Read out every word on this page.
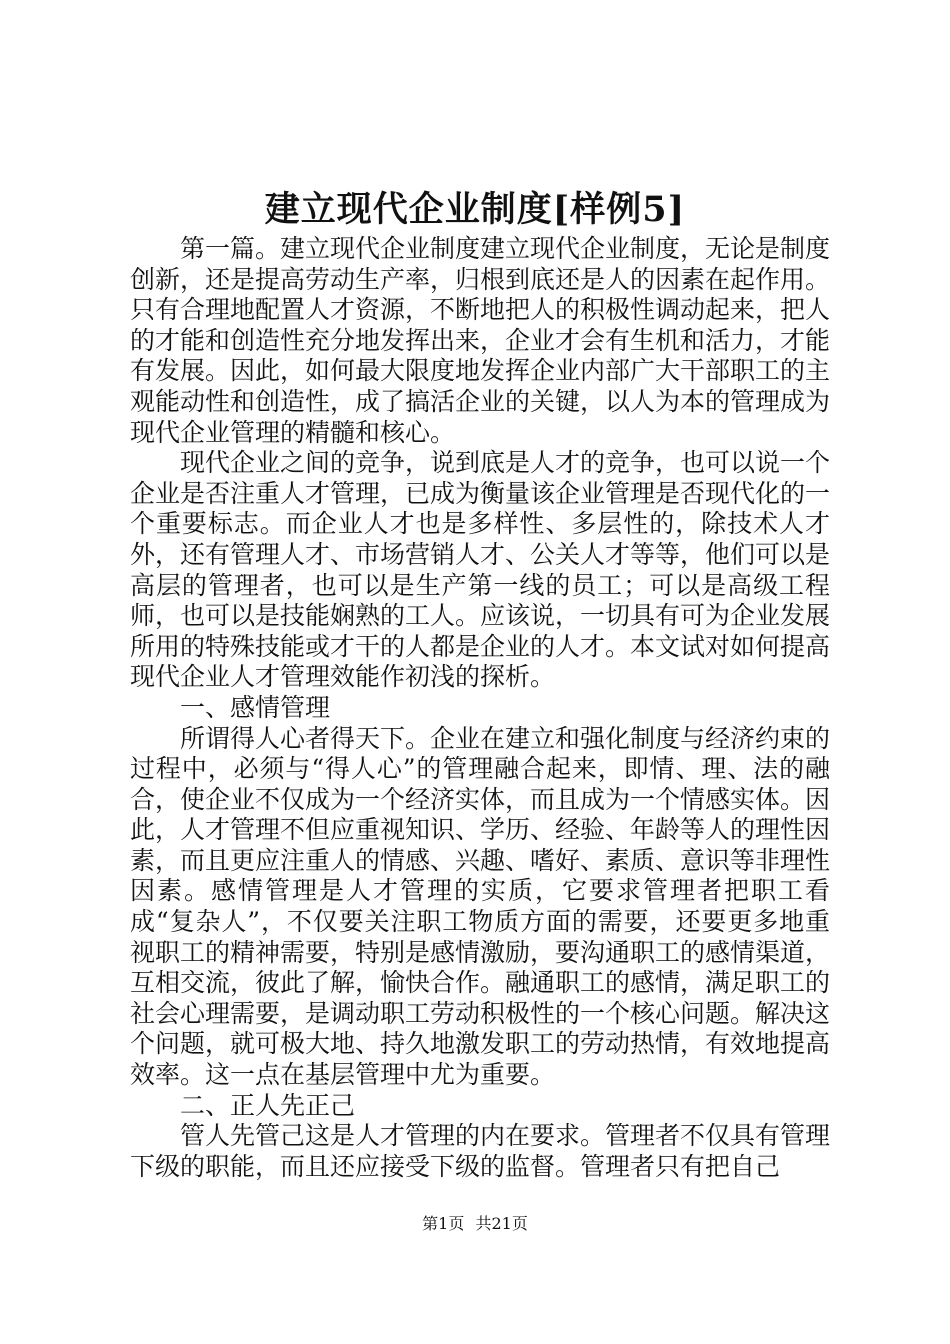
建立现代企业制度[样例5]

第一篇。建立现代企业制度建立现代企业制度，无论是制度创新，还是提高劳动生产率，归根到底还是人的因素在起作用。只有合理地配置人才资源，不断地把人的积极性调动起来，把人的才能和创造性充分地发挥出来，企业才会有生机和活力，才能有发展。因此，如何最大限度地发挥企业内部广大干部职工的主观能动性和创造性，成了搞活企业的关键，以人为本的管理成为现代企业管理的精髓和核心。

现代企业之间的竞争，说到底是人才的竞争，也可以说一个企业是否注重人才管理，已成为衡量该企业管理是否现代化的一个重要标志。而企业人才也是多样性、多层性的，除技术人才外，还有管理人才、市场营销人才、公关人才等等，他们可以是高层的管理者，也可以是生产第一线的员工；可以是高级工程师，也可以是技能娴熟的工人。应该说，一切具有可为企业发展所用的特殊技能或才干的人都是企业的人才。本文试对如何提高现代企业人才管理效能作初浅的探析。

一、感情管理

所谓得人心者得天下。企业在建立和强化制度与经济约束的过程中，必须与“得人心”的管理融合起来，即情、理、法的融合，使企业不仅成为一个经济实体，而且成为一个情感实体。因此，人才管理不但应重视知识、学历、经验、年龄等人的理性因素，而且更应注重人的情感、兴趣、嗜好、素质、意识等非理性因素。感情管理是人才管理的实质，它要求管理者把职工看成“复杂人”，不仅要关注职工物质方面的需要，还要更多地重视职工的精神需要，特别是感情激励，要沟通职工的感情渠道，互相交流，彼此了解，愉快合作。融通职工的感情，满足职工的社会心理需要，是调动职工劳动积极性的一个核心问题。解决这个问题，就可极大地、持久地激发职工的劳动热情，有效地提高效率。这一点在基层管理中尤为重要。

二、正人先正己

管人先管己这是人才管理的内在要求。管理者不仅具有管理下级的职能，而且还应接受下级的监督。管理者只有把自己

第1页 共21页
